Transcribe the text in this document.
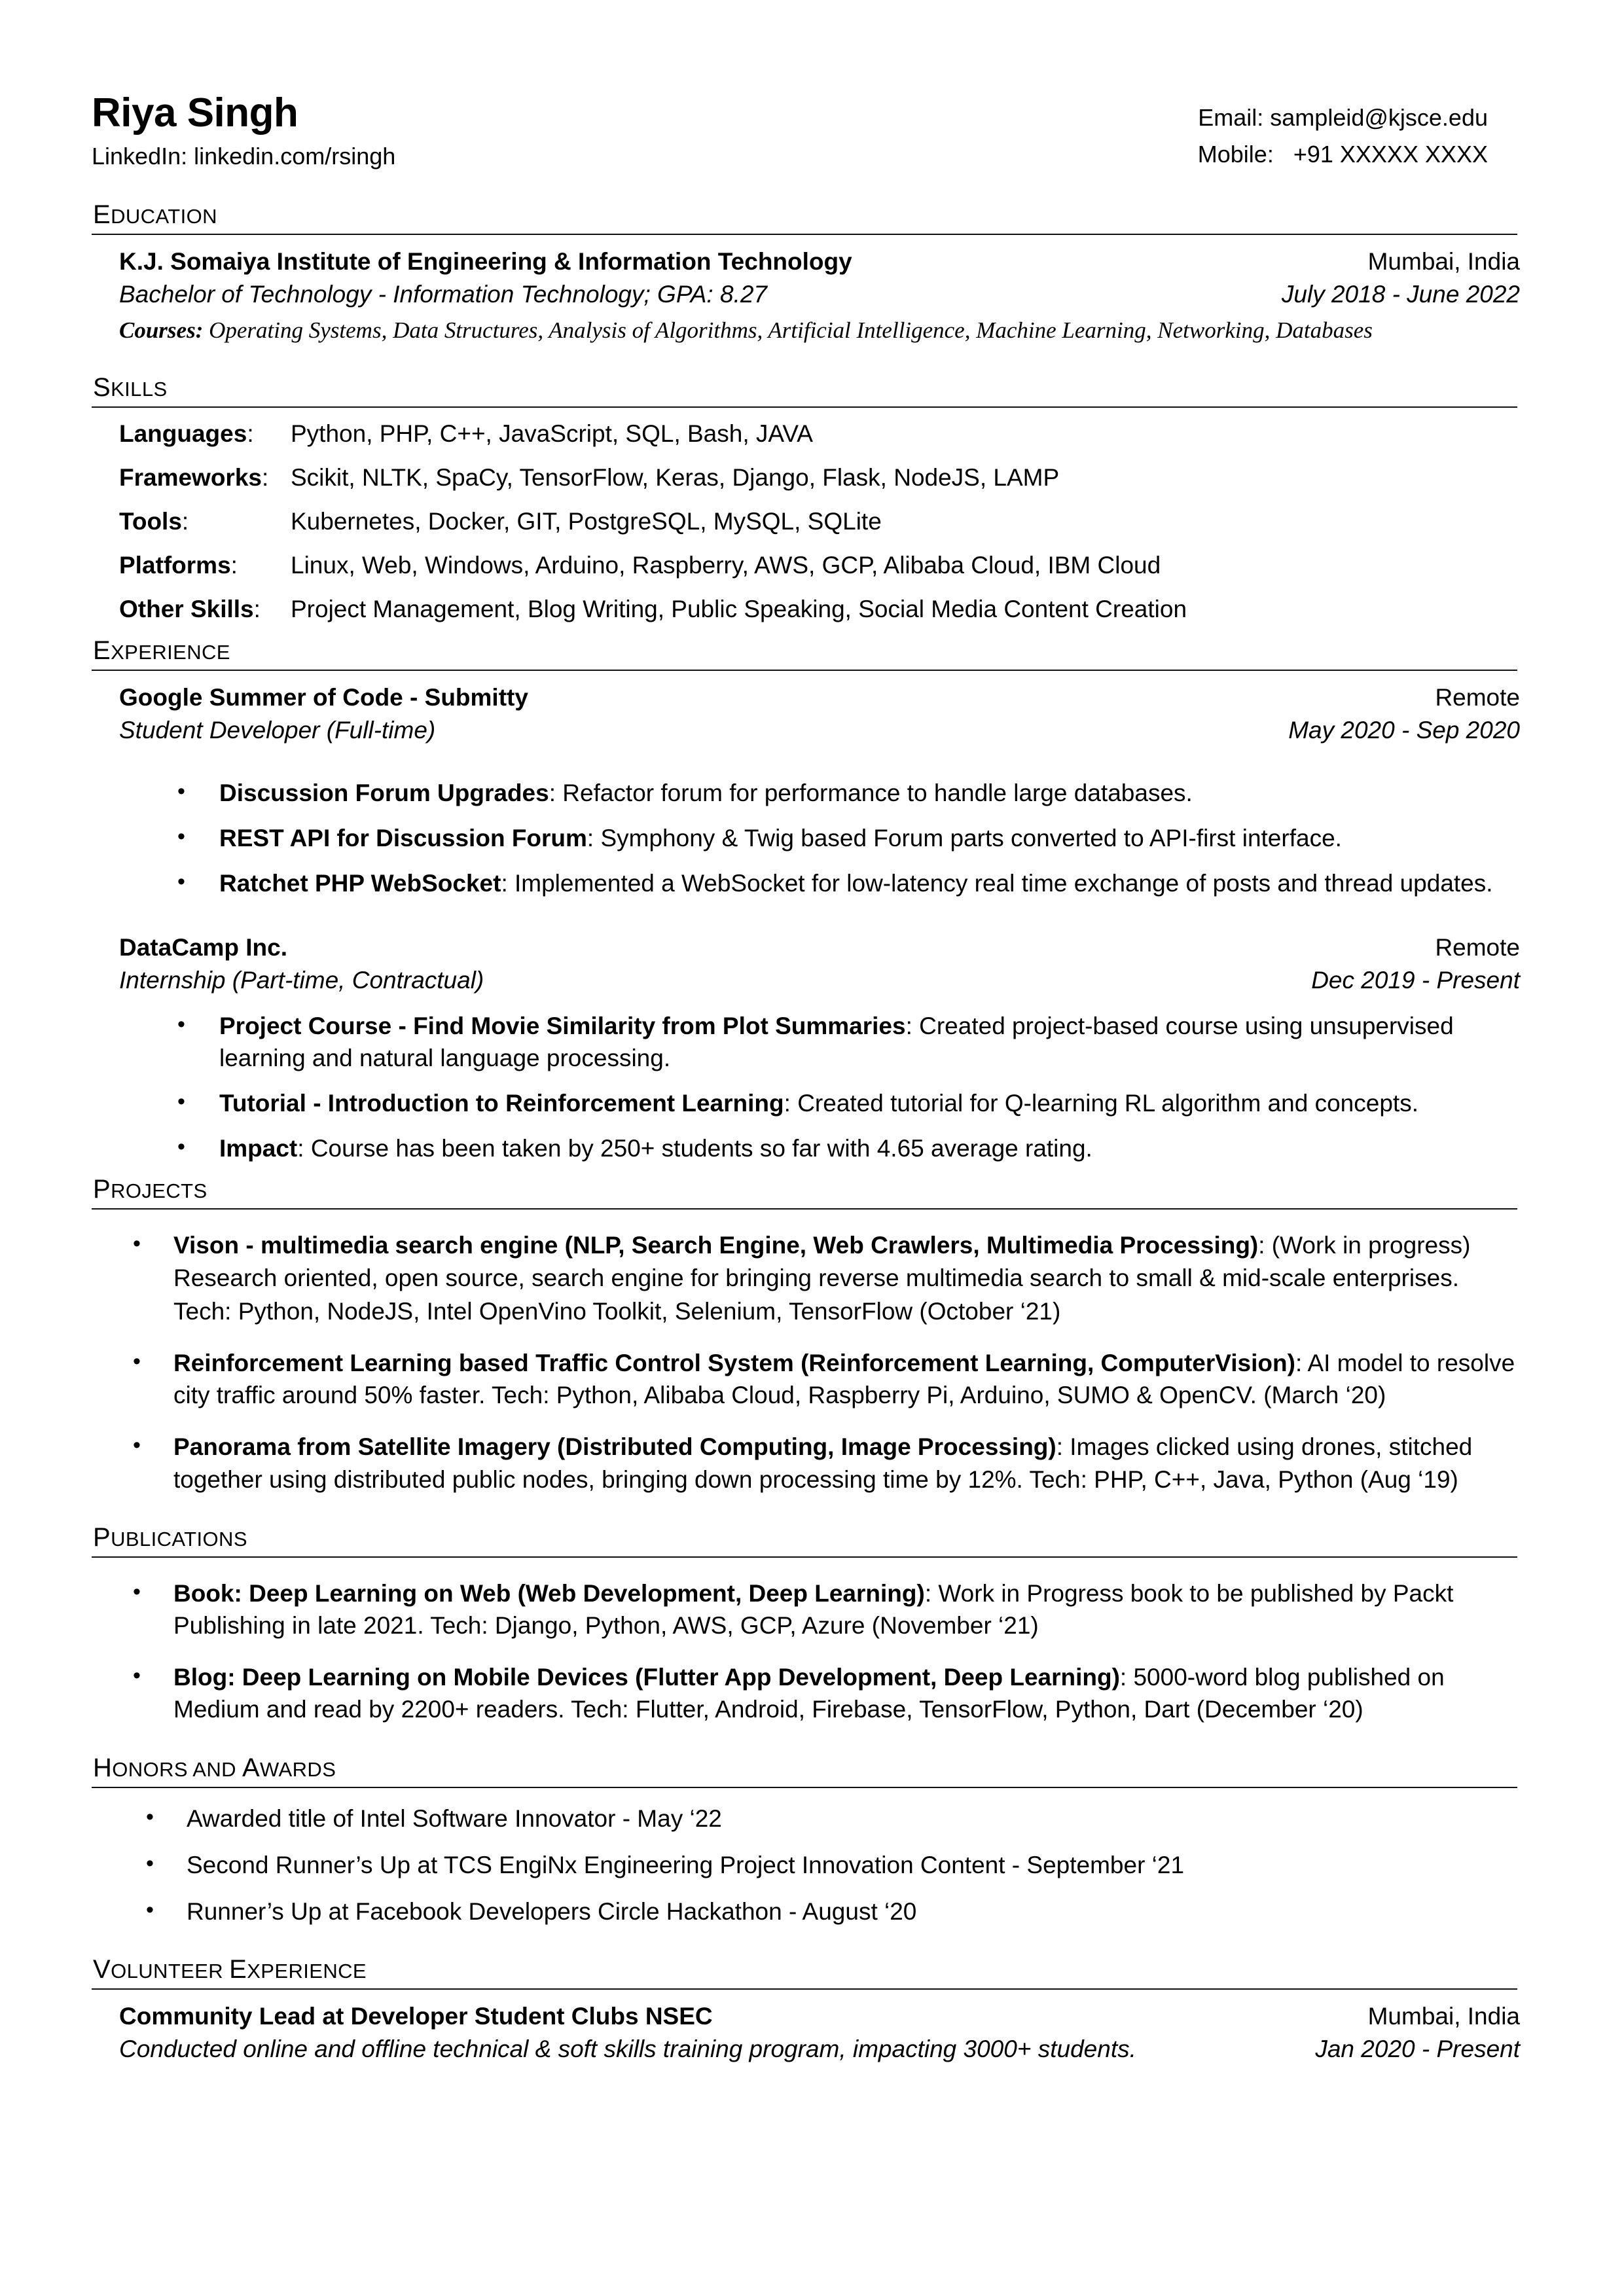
Riya Singh
LinkedIn: linkedin.com/rsingh
Email: sampleid@kjsce.edu
Mobile:   +91 XXXXX XXXX
EDUCATION
K.J. Somaiya Institute of Engineering & Information Technology	Mumbai, India
Bachelor of Technology - Information Technology; GPA: 8.27	July 2018 - June 2022
Courses: Operating Systems, Data Structures, Analysis of Algorithms, Artificial Intelligence, Machine Learning, Networking, Databases
SKILLS
Languages:	Python, PHP, C++, JavaScript, SQL, Bash, JAVA
Frameworks: Scikit, NLTK, SpaCy, TensorFlow, Keras, Django, Flask, NodeJS, LAMP
Tools:	Kubernetes, Docker, GIT, PostgreSQL, MySQL, SQLite
Platforms:	Linux, Web, Windows, Arduino, Raspberry, AWS, GCP, Alibaba Cloud, IBM Cloud
Other Skills:	Project Management, Blog Writing, Public Speaking, Social Media Content Creation
EXPERIENCE
Google Summer of Code - Submitty	Remote
Student Developer (Full-time)	May 2020 - Sep 2020
• Discussion Forum Upgrades: Refactor forum for performance to handle large databases.
• REST API for Discussion Forum: Symphony & Twig based Forum parts converted to API-first interface.
• Ratchet PHP WebSocket: Implemented a WebSocket for low-latency real time exchange of posts and thread updates.
DataCamp Inc.	Remote
Internship (Part-time, Contractual)	Dec 2019 - Present
• Project Course - Find Movie Similarity from Plot Summaries: Created project-based course using unsupervised learning and natural language processing.
• Tutorial - Introduction to Reinforcement Learning: Created tutorial for Q-learning RL algorithm and concepts.
• Impact: Course has been taken by 250+ students so far with 4.65 average rating.
PROJECTS
• Vison - multimedia search engine (NLP, Search Engine, Web Crawlers, Multimedia Processing): (Work in progress)
Research oriented, open source, search engine for bringing reverse multimedia search to small & mid-scale enterprises.
Tech: Python, NodeJS, Intel OpenVino Toolkit, Selenium, TensorFlow (October ‘21)
• Reinforcement Learning based Traffic Control System (Reinforcement Learning, ComputerVision): AI model to resolve city traffic around 50% faster. Tech: Python, Alibaba Cloud, Raspberry Pi, Arduino, SUMO & OpenCV. (March ‘20)
• Panorama from Satellite Imagery (Distributed Computing, Image Processing): Images clicked using drones, stitched together using distributed public nodes, bringing down processing time by 12%. Tech: PHP, C++, Java, Python (Aug ‘19)
PUBLICATIONS
• Book: Deep Learning on Web (Web Development, Deep Learning): Work in Progress book to be published by Packt Publishing in late 2021. Tech: Django, Python, AWS, GCP, Azure (November ‘21)
• Blog: Deep Learning on Mobile Devices (Flutter App Development, Deep Learning): 5000-word blog published on Medium and read by 2200+ readers. Tech: Flutter, Android, Firebase, TensorFlow, Python, Dart (December ‘20)
HONORS AND AWARDS
• Awarded title of Intel Software Innovator - May ‘22
• Second Runner’s Up at TCS EngiNx Engineering Project Innovation Content - September ‘21
• Runner’s Up at Facebook Developers Circle Hackathon - August ‘20
VOLUNTEER EXPERIENCE
Community Lead at Developer Student Clubs NSEC	Mumbai, India
Conducted online and offline technical & soft skills training program, impacting 3000+ students.	Jan 2020 - Present
